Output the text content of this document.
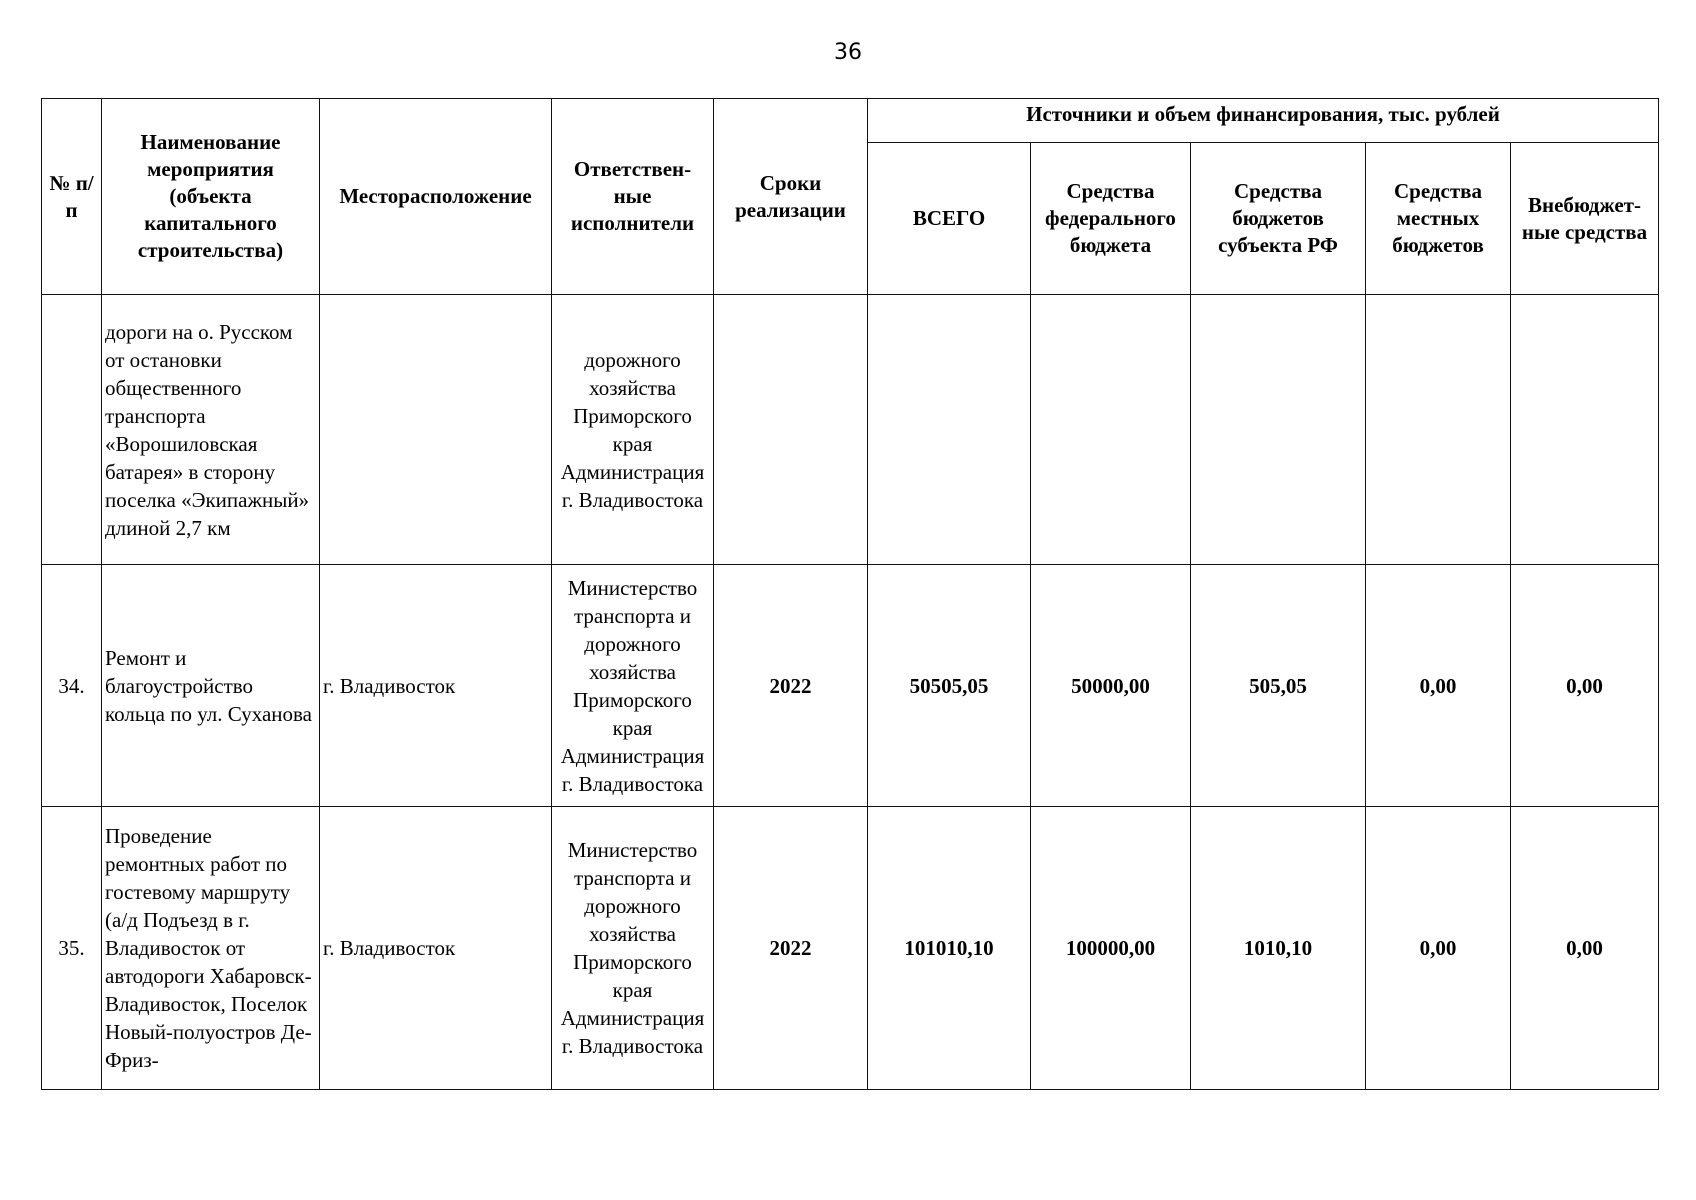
36
№ п/п	Наименование мероприятия (объекта капитального строительства)	Месторасположение	Ответствен-ные исполнители	Сроки реализации	Источники и объем финансирования, тыс. рублей				
					ВСЕГО	Средства федерального бюджета	Средства бюджетов субъекта РФ	Средства местных бюджетов	Внебюджет-ные средства
	дороги на о. Русском от остановки общественного транспорта «Ворошиловская батарея» в сторону поселка «Экипажный» длиной 2,7 км		дорожного хозяйства Приморского края Администрация г. Владивостока						
34.	Ремонт и благоустройство кольца по ул. Суханова	г. Владивосток	Министерство транспорта и дорожного хозяйства Приморского края Администрация г. Владивостока	2022	50505,05	50000,00	505,05	0,00	0,00
35.	Проведение ремонтных работ по гостевому маршруту (а/д Подъезд в г. Владивосток от автодороги Хабаровск-Владивосток, Поселок Новый-полуостров Де-Фриз-	г. Владивосток	Министерство транспорта и дорожного хозяйства Приморского края Администрация г. Владивостока	2022	101010,10	100000,00	1010,10	0,00	0,00
